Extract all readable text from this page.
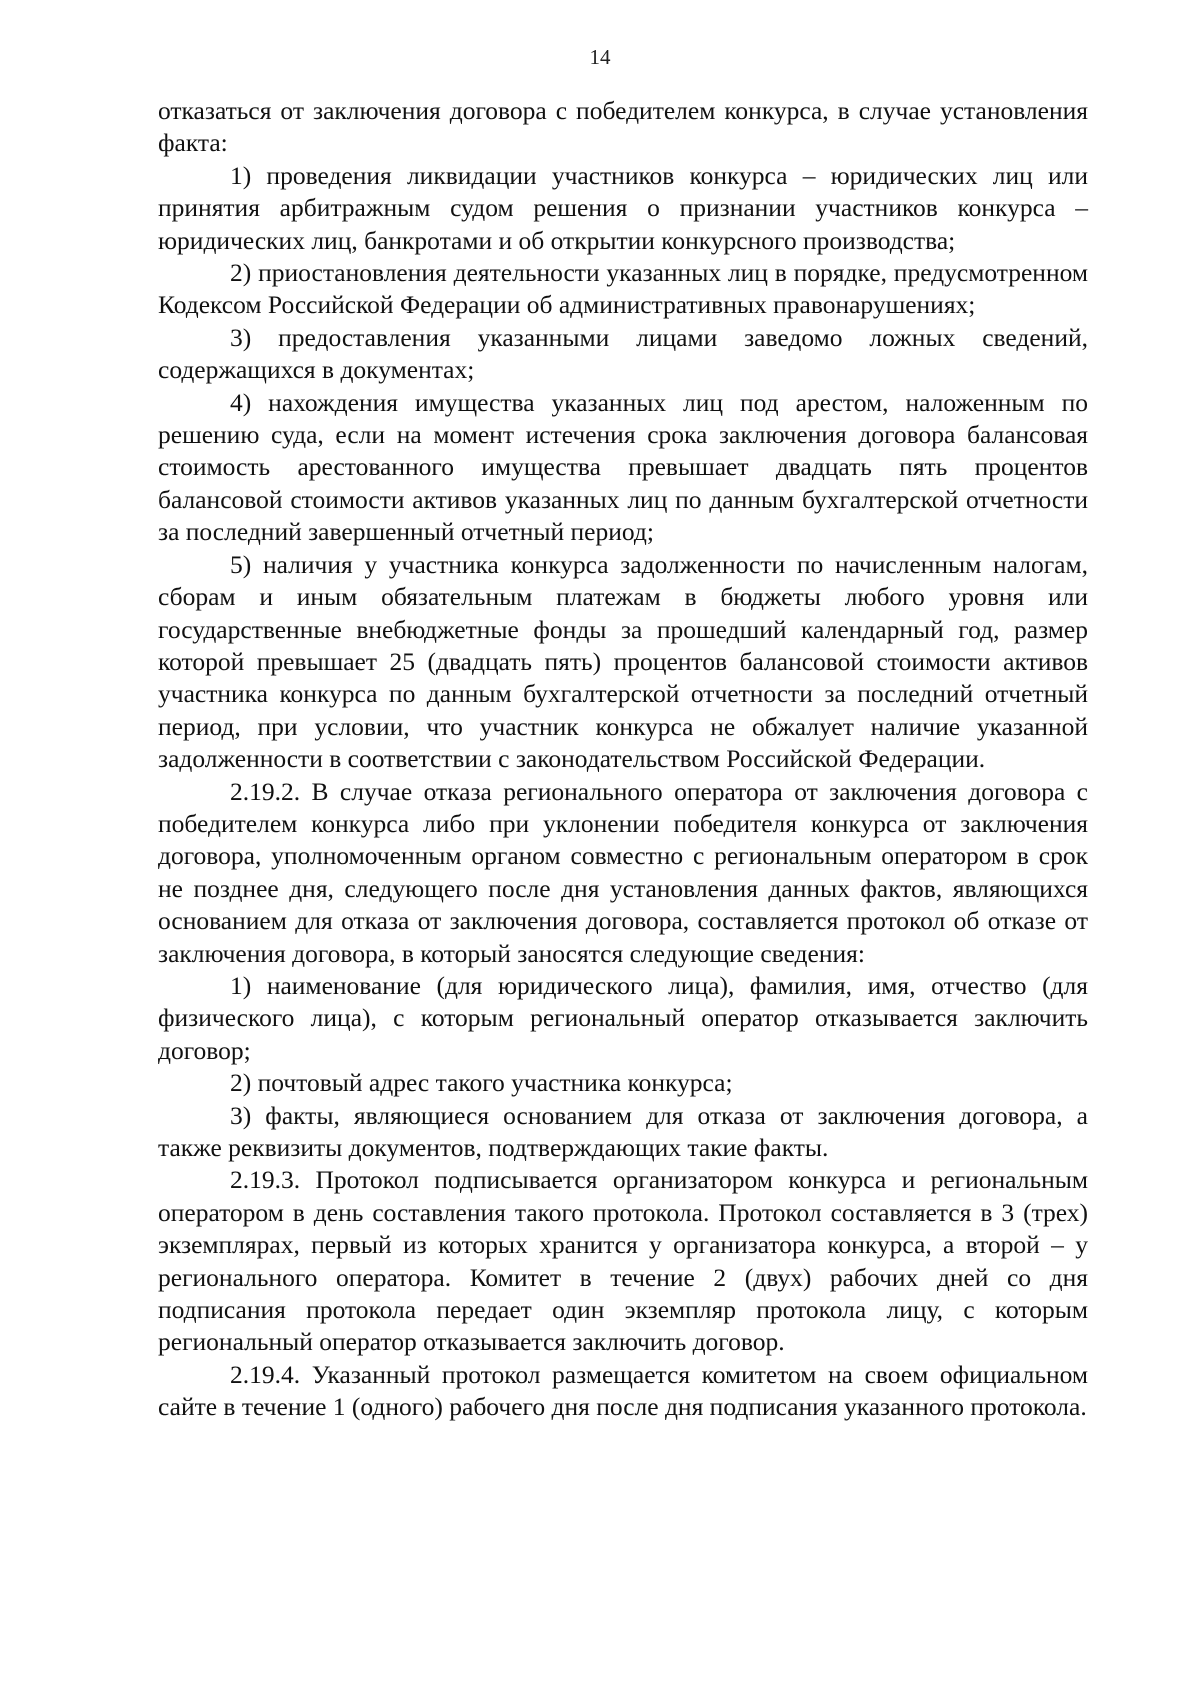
14

отказаться от заключения договора с победителем конкурса, в случае установления факта:

1) проведения ликвидации участников конкурса – юридических лиц или принятия арбитражным судом решения о признании участников конкурса – юридических лиц, банкротами и об открытии конкурсного производства;

2) приостановления деятельности указанных лиц в порядке, предусмотренном Кодексом Российской Федерации об административных правонарушениях;

3) предоставления указанными лицами заведомо ложных сведений, содержащихся в документах;

4) нахождения имущества указанных лиц под арестом, наложенным по решению суда, если на момент истечения срока заключения договора балансовая стоимость арестованного имущества превышает двадцать пять процентов балансовой стоимости активов указанных лиц по данным бухгалтерской отчетности за последний завершенный отчетный период;

5) наличия у участника конкурса задолженности по начисленным налогам, сборам и иным обязательным платежам в бюджеты любого уровня или государственные внебюджетные фонды за прошедший календарный год, размер которой превышает 25 (двадцать пять) процентов балансовой стоимости активов участника конкурса по данным бухгалтерской отчетности за последний отчетный период, при условии, что участник конкурса не обжалует наличие указанной задолженности в соответствии с законодательством Российской Федерации.

2.19.2. В случае отказа регионального оператора от заключения договора с победителем конкурса либо при уклонении победителя конкурса от заключения договора, уполномоченным органом совместно с региональным оператором в срок не позднее дня, следующего после дня установления данных фактов, являющихся основанием для отказа от заключения договора, составляется протокол об отказе от заключения договора, в который заносятся следующие сведения:

1) наименование (для юридического лица), фамилия, имя, отчество (для физического лица), с которым региональный оператор отказывается заключить договор;

2) почтовый адрес такого участника конкурса;

3) факты, являющиеся основанием для отказа от заключения договора, а также реквизиты документов, подтверждающих такие факты.

2.19.3. Протокол подписывается организатором конкурса и региональным оператором в день составления такого протокола. Протокол составляется в 3 (трех) экземплярах, первый из которых хранится у организатора конкурса, а второй – у регионального оператора. Комитет в течение 2 (двух) рабочих дней со дня подписания протокола передает один экземпляр протокола лицу, с которым региональный оператор отказывается заключить договор.

2.19.4. Указанный протокол размещается комитетом на своем официальном сайте в течение 1 (одного) рабочего дня после дня подписания указанного протокола.
